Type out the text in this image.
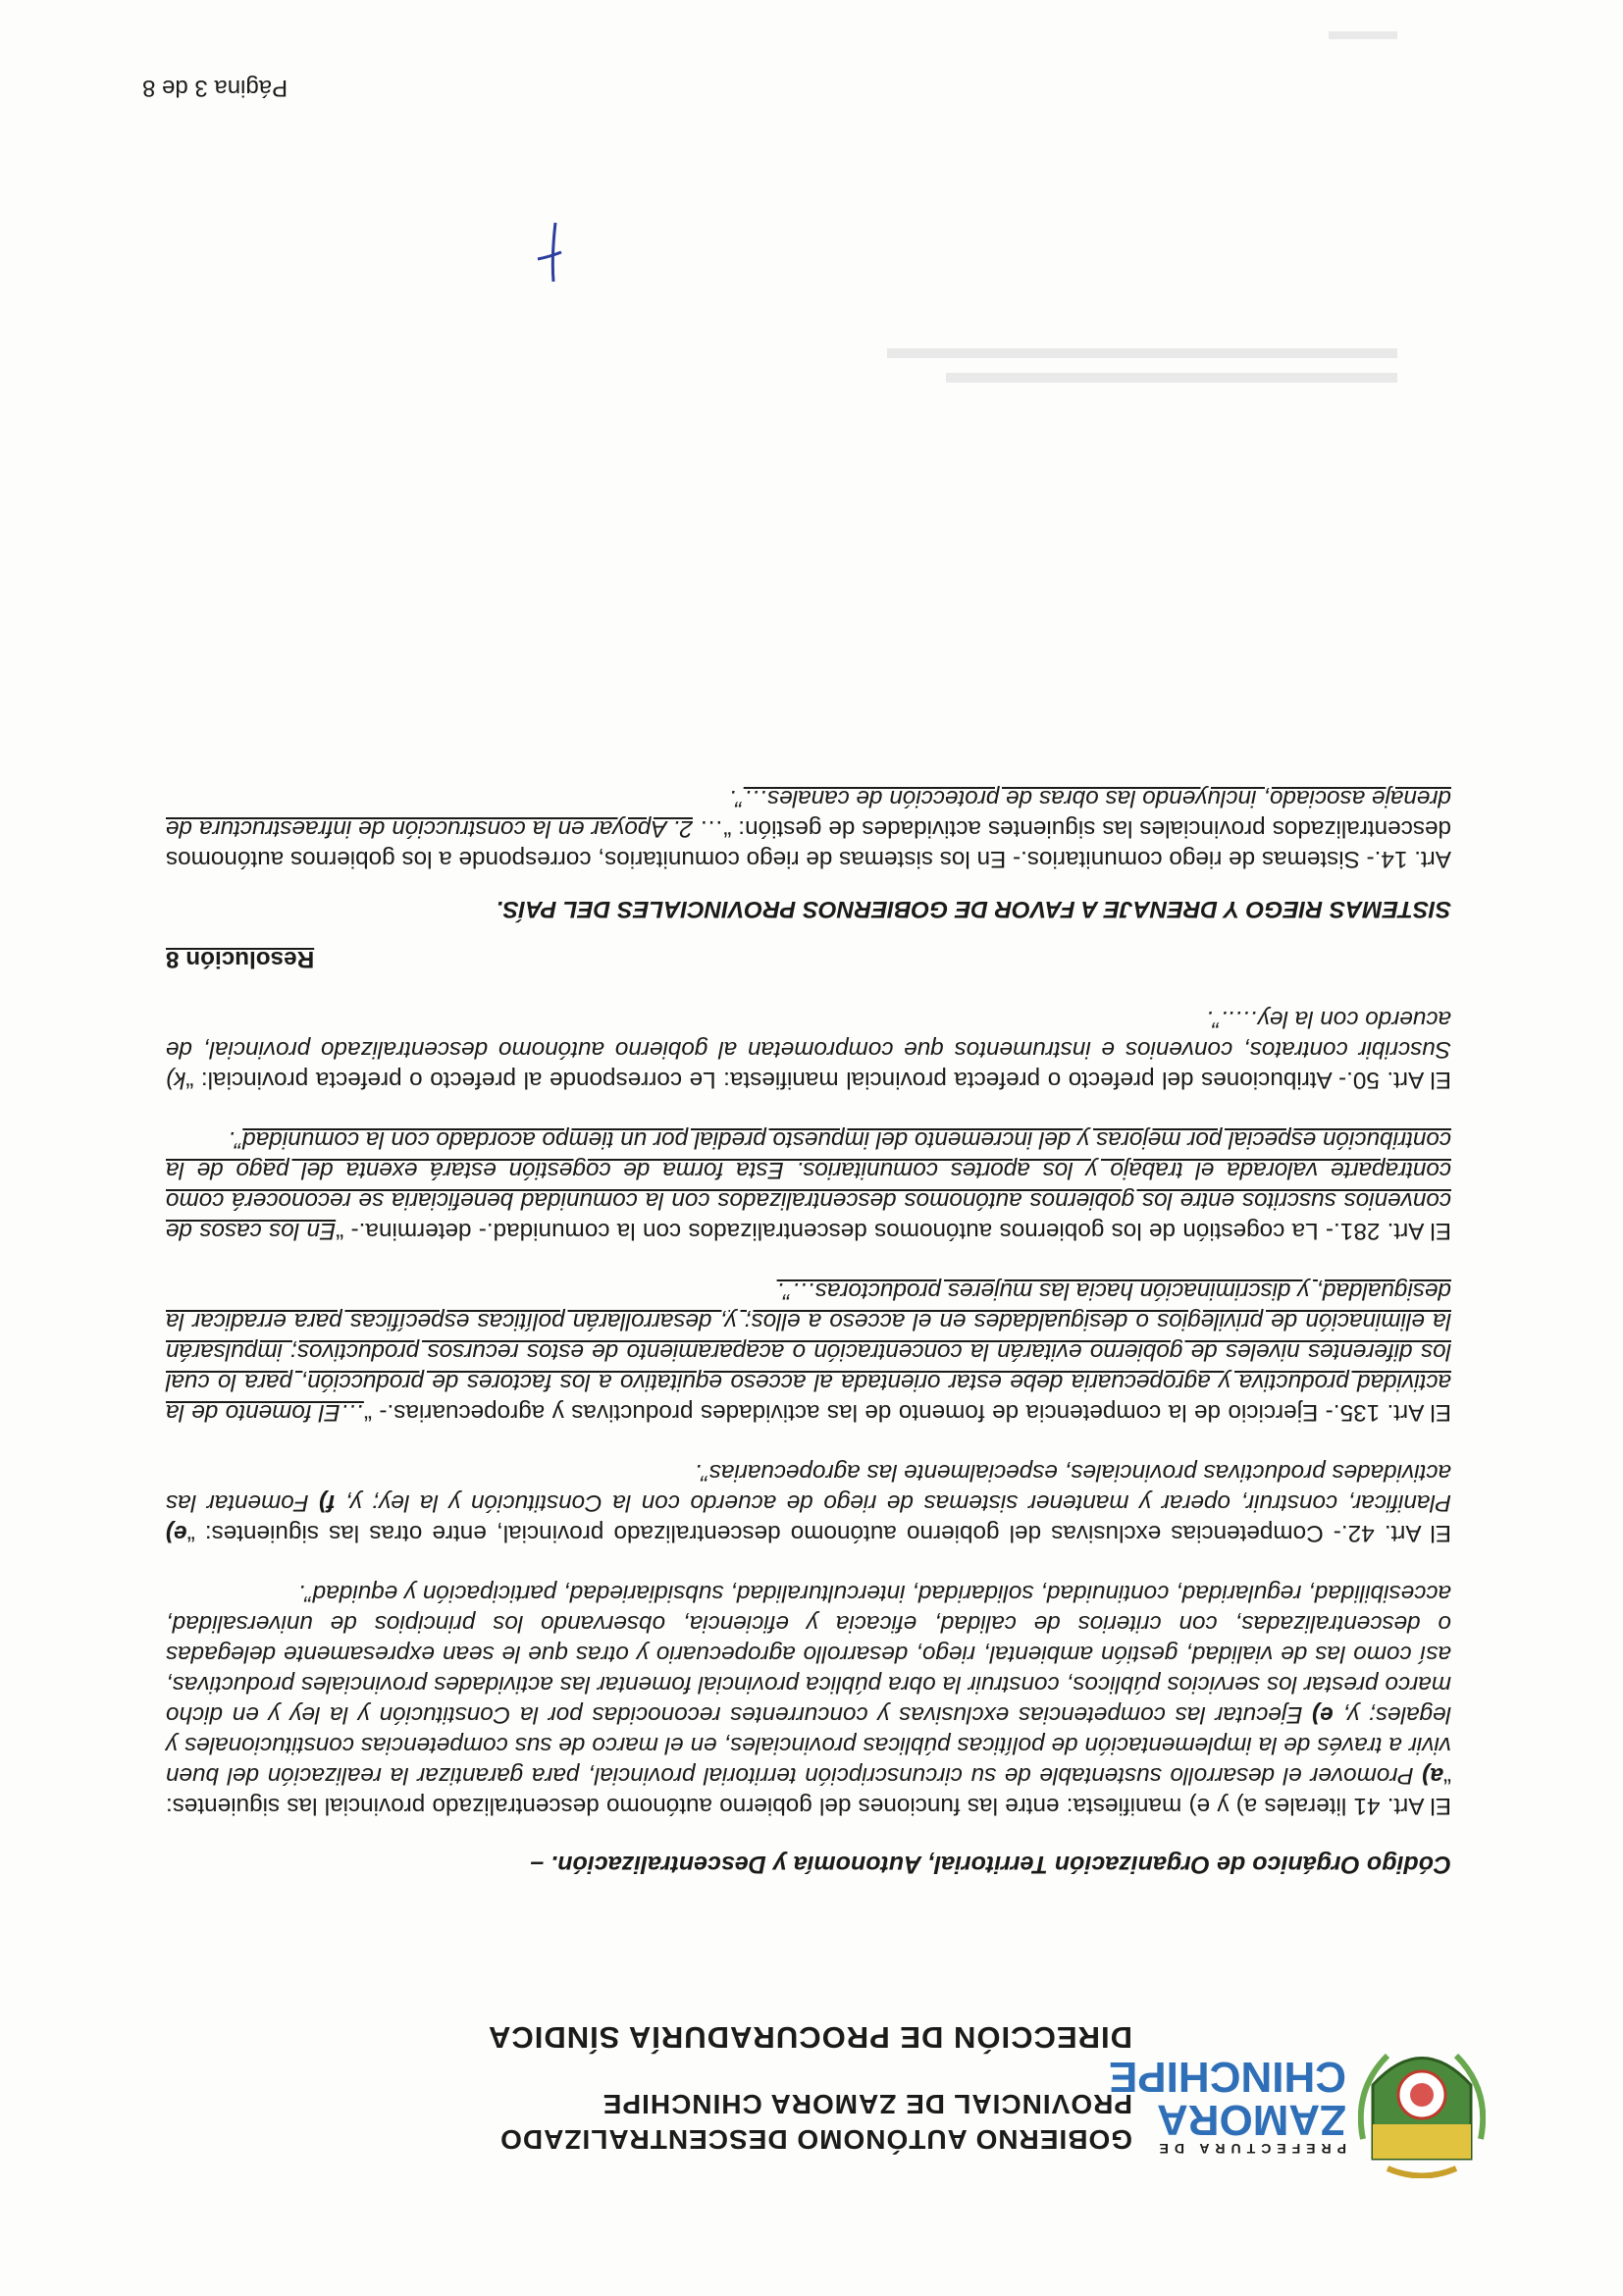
PREFECTURA DE
ZAMORA
CHINCHIPE
GOBIERNO AUTÓNOMO DESCENTRALIZADO
PROVINCIAL DE ZAMORA CHINCHIPE
DIRECCIÓN DE PROCURADURÍA SÍNDICA

Código Orgánico de Organización Territorial, Autonomía y Descentralización. –

El Art. 41 literales a) y e) manifiesta: entre las funciones del gobierno autónomo descentralizado provincial las siguientes: “a) Promover el desarrollo sustentable de su circunscripción territorial provincial, para garantizar la realización del buen vivir a través de la implementación de políticas públicas provinciales, en el marco de sus competencias constitucionales y legales; y, e) Ejecutar las competencias exclusivas y concurrentes reconocidas por la Constitución y la ley y en dicho marco prestar los servicios públicos, construir la obra pública provincial fomentar las actividades provinciales productivas, así como las de vialidad, gestión ambiental, riego, desarrollo agropecuario y otras que le sean expresamente delegadas o descentralizadas, con criterios de calidad, eficacia y eficiencia, observando los principios de universalidad, accesibilidad, regularidad, continuidad, solidaridad, interculturalidad, subsidiariedad, participación y equidad”.

El Art. 42.- Competencias exclusivas del gobierno autónomo descentralizado provincial, entre otras las siguientes: “e) Planificar, construir, operar y mantener sistemas de riego de acuerdo con la Constitución y la ley; y, f) Fomentar las actividades productivas provinciales, especialmente las agropecuarias”.

El Art. 135.- Ejercicio de la competencia de fomento de las actividades productivas y agropecuarias.- “…El fomento de la actividad productiva y agropecuaria debe estar orientada al acceso equitativo a los factores de producción, para lo cual los diferentes niveles de gobierno evitarán la concentración o acaparamiento de estos recursos productivos; impulsarán la eliminación de privilegios o desigualdades en el acceso a ellos; y, desarrollarán políticas específicas para erradicar la desigualdad, y discriminación hacia las mujeres productoras…”.

El Art. 281.- La cogestión de los gobiernos autónomos descentralizados con la comunidad.- determina.- “En los casos de convenios suscritos entre los gobiernos autónomos descentralizados con la comunidad beneficiaria se reconocerá como contraparte valorada el trabajo y los aportes comunitarios. Esta forma de cogestión estará exenta del pago de la contribución especial por mejoras y del incremento del impuesto predial por un tiempo acordado con la comunidad”.

El Art. 50.- Atribuciones del prefecto o prefecta provincial manifiesta: Le corresponde al prefecto o prefecta provincial: “k) Suscribir contratos, convenios e instrumentos que comprometan al gobierno autónomo descentralizado provincial, de acuerdo con la ley…..”.

Resolución 8

SISTEMAS RIEGO Y DRENAJE A FAVOR DE GOBIERNOS PROVINCIALES DEL PAÍS.

Art. 14.- Sistemas de riego comunitarios.- En los sistemas de riego comunitarios, corresponde a los gobiernos autónomos descentralizados provinciales las siguientes actividades de gestión: “… 2. Apoyar en la construcción de infraestructura de drenaje asociado, incluyendo las obras de protección de canales…”.

Página 3 de 8
